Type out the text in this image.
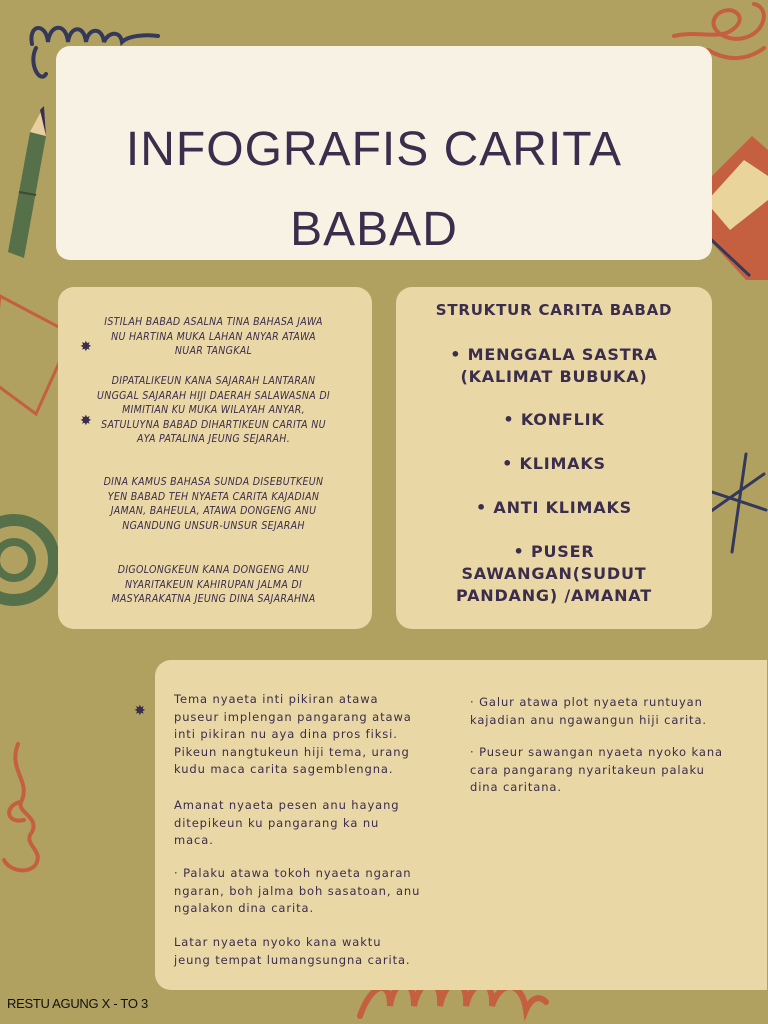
INFOGRAFIS CARITA BABAD
ISTILAH BABAD ASALNA TINA BAHASA JAWA NU HARTINA MUKA LAHAN ANYAR ATAWA NUAR TANGKAL
DIPATALIKEUN KANA SAJARAH LANTARAN UNGGAL SAJARAH HIJI DAERAH SALAWASNA DI MIMITIAN KU MUKA WILAYAH ANYAR, SATULUYNA BABAD DIHARTIKEUN CARITA NU AYA PATALINA JEUNG SEJARAH.
DINA KAMUS BAHASA SUNDA DISEBUTKEUN YEN BABAD TEH NYAETA CARITA KAJADIAN JAMAN, BAHEULA, ATAWA DONGENG ANU NGANDUNG UNSUR-UNSUR SEJARAH
DIGOLONGKEUN KANA DONGENG ANU NYARITAKEUN KAHIRUPAN JALMA DI MASYARAKATNA JEUNG DINA SAJARAHNA
✸
✸
STRUKTUR CARITA BABAD
• MENGGALA SASTRA (KALIMAT BUBUKA)
• KONFLIK
• KLIMAKS
• ANTI KLIMAKS
• PUSER SAWANGAN(SUDUT PANDANG) /AMANAT
Tema nyaeta inti pikiran atawa
puseur implengan pangarang atawa
inti pikiran nu aya dina pros fiksi.
Pikeun nangtukeun hiji tema, urang
kudu maca carita sagemblengna.
Amanat nyaeta pesen anu hayang
ditepikeun ku pangarang ka nu
maca.
· Palaku atawa tokoh nyaeta ngaran
ngaran, boh jalma boh sasatoan, anu
ngalakon dina carita.
Latar nyaeta nyoko kana waktu
jeung tempat lumangsungna carita.
· Galur atawa plot nyaeta runtuyan
kajadian anu ngawangun hiji carita.
· Puseur sawangan nyaeta nyoko kana
cara pangarang nyaritakeun palaku
dina caritana.
✸
RESTU AGUNG X - TO 3
